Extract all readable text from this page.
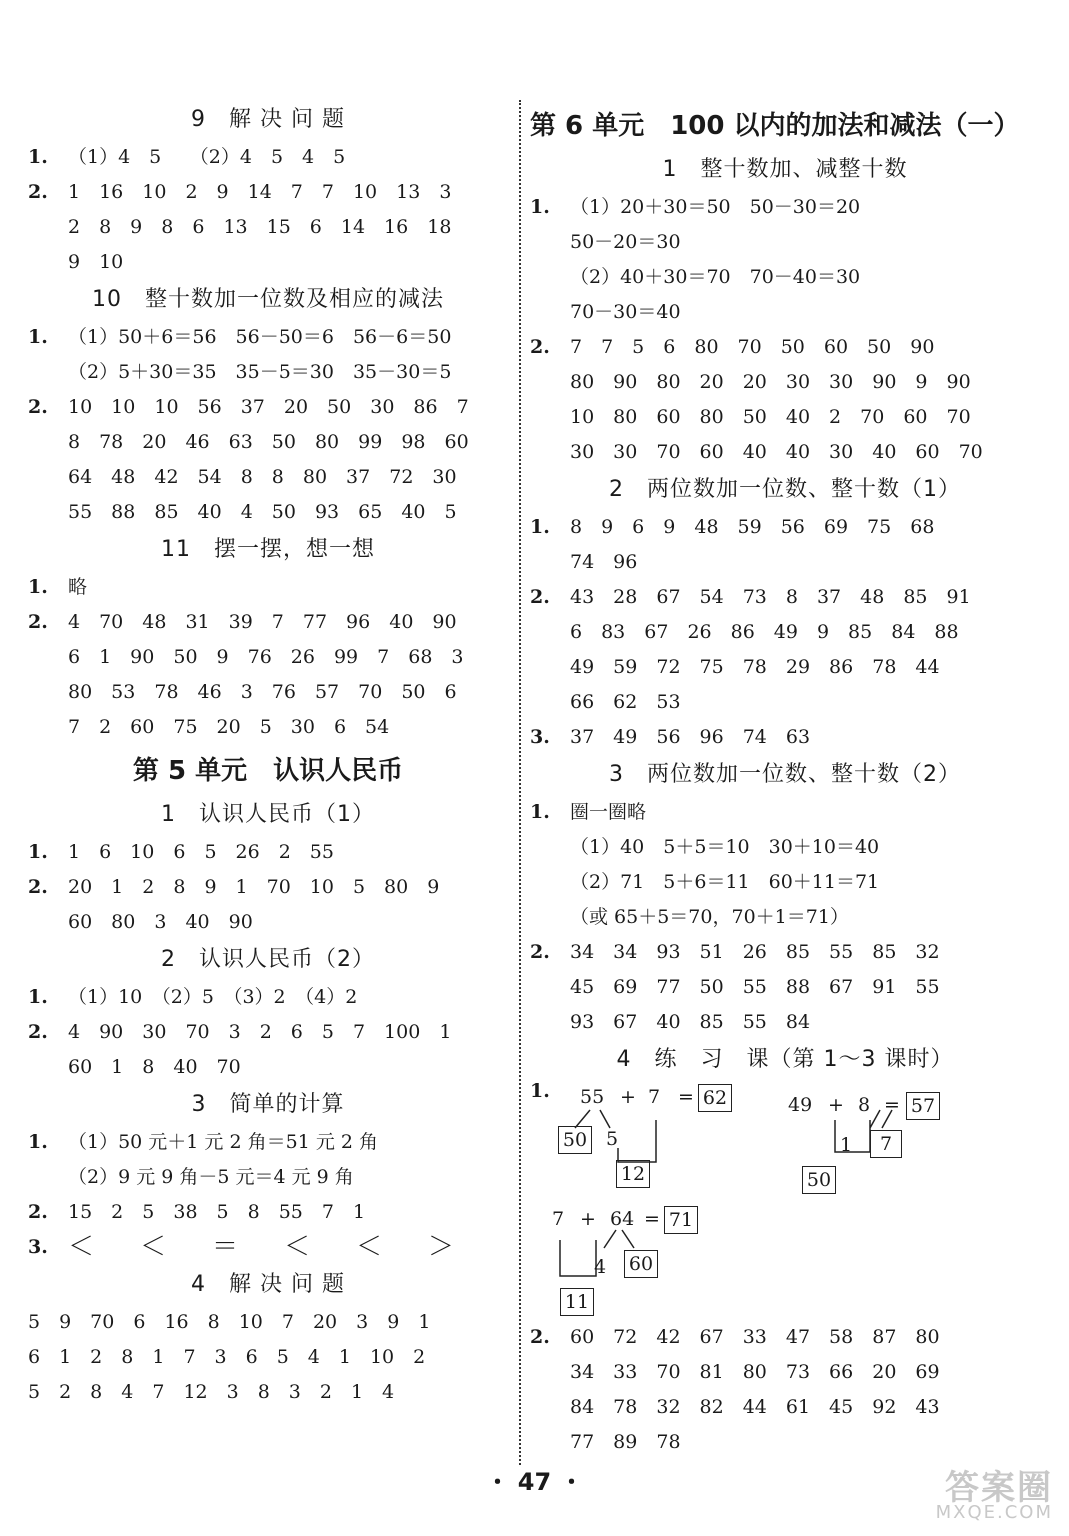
9　解 决 问 题
1.	（1）4　5　　（2）4　5　4　5
2.	1　16　10　2　9　14　7　7　10　13　3
2　8　9　8　6　13　15　6　14　16　18
9　10
10　整十数加一位数及相应的减法
1.	（1）50＋6＝56　56－50＝6　56－6＝50
（2）5＋30＝35　35－5＝30　35－30＝5
2.	10　10　10　56　37　20　50　30　86　7
8　78　20　46　63　50　80　99　98　60
64　48　42　54　8　8　80　37　72　30
55　88　85　40　4　50　93　65　40　5
11　摆一摆，想一想
1.	略
2.	4　70　48　31　39　7　77　96　40　90
6　1　90　50　9　76　26　99　7　68　3
80　53　78　46　3　76　57　70　50　6
7　2　60　75　20　5　30　6　54
第 5 单元　认识人民币
1　认识人民币（1）
1.	1　6　10　6　5　26　2　55
2.	20　1　2　8　9　1　70　10　5　80　9
60　80　3　40　90
2　认识人民币（2）
1.	（1）10　（2）5　（3）2　（4）2
2.	4　90　30　70　3　2　6　5　7　100　1
60　1　8　40　70
3　简单的计算
1.	（1）50 元＋1 元 2 角＝51 元 2 角
（2）9 元 9 角－5 元＝4 元 9 角
2.	15　2　5　38　5　8　55　7　1
3. ＜　＜　＝　＜　＜　＞
4　解 决 问 题
5　9　70　6　16　8　10　7　20　3　9　1
6　1　2　8　1　7　3　6　5　4　1　10　2
5　2　8　4　7　12　3　8　3　2　1　4
第 6 单元　100 以内的加法和减法（一）
1　整十数加、减整十数
1.	（1）20＋30＝50　50－30＝20
50－20＝30
（2）40＋30＝70　70－40＝30
70－30＝40
2.	7　7　5　6　80　70　50　60　50　90
80　90　80　20　20　30　30　90　9　90
10　80　60　80　50　40　2　70　60　70
30　30　70　60　40　40　30　40　60　70
2　两位数加一位数、整十数（1）
1.	8　9　6　9　48　59　56　69　75　68
74　96
2.	43　28　67　54　73　8　37　48　85　91
6　83　67　26　86　49　9　85　84　88
49　59　72　75　78　29　86　78　44
66　62　53
3.	37　49　56　96　74　63
3　两位数加一位数、整十数（2）
1.	圈一圈略
（1）40　5＋5＝10　30＋10＝40
（2）71　5＋6＝11　60＋11＝71
（或 65＋5＝70，70＋1＝71）
2.	34　34　93　51　26　85　55　85　32
45　69　77　50　55　88　67　91　55
93　67　40　85　55　84
4　练　习　课（第 1～3 课时）
1. 55 + 7 = 62
50 5
12
49 + 8 = 57
1	7
50
7 + 64 = 71
4 60
11
2.	60　72　42　67　33　47　58　87　80
34　33　70　81　80　73　66　20　69
84　78　32　82　44　61　45　92　43
77　89　78
・ 47 ・	答案圈
MXQE.COM
